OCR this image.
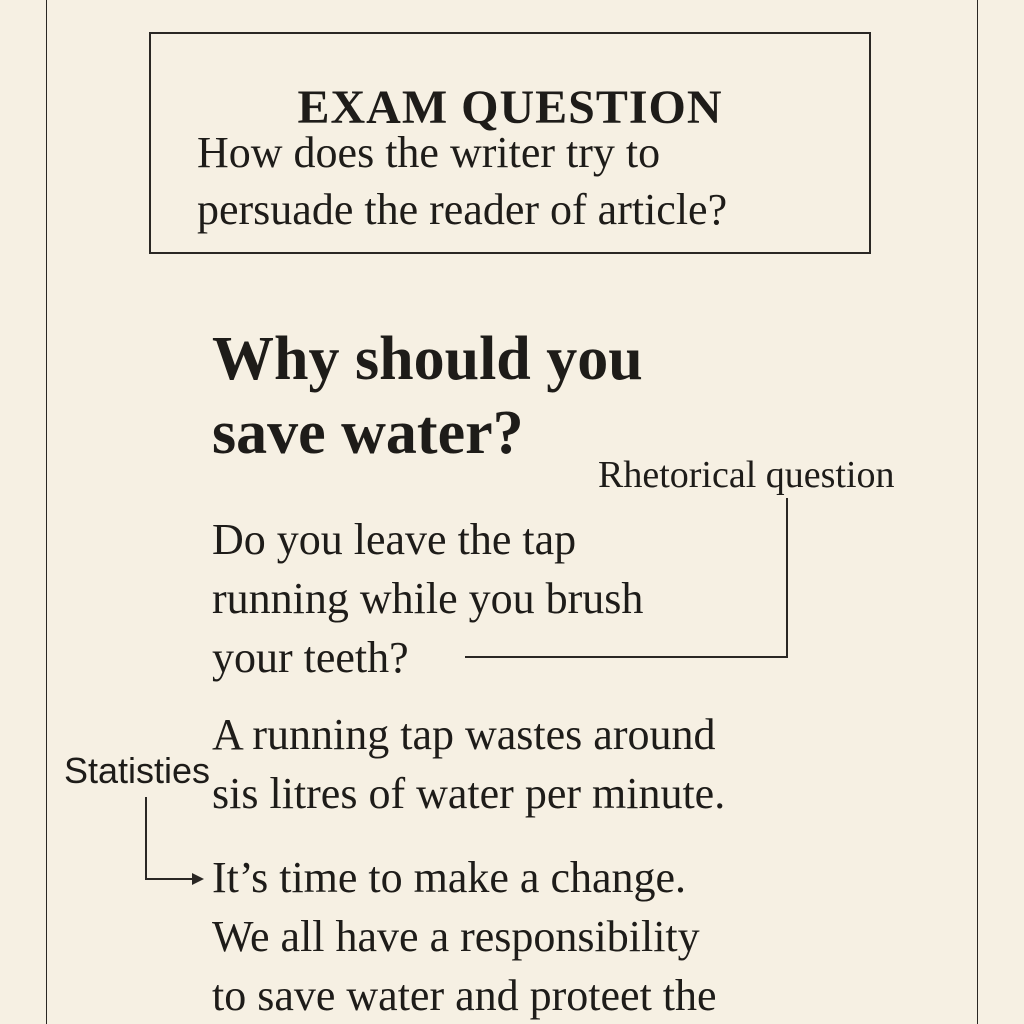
EXAM QUESTION
How does the writer try to
persuade the reader of article?
Why should you
save water?
Rhetorical question
Do you leave the tap
running while you brush
your teeth?
Statisties
A running tap wastes around
sis litres of water per minute.
It’s time to make a change.
We all have a responsibility
to save water and proteet the
